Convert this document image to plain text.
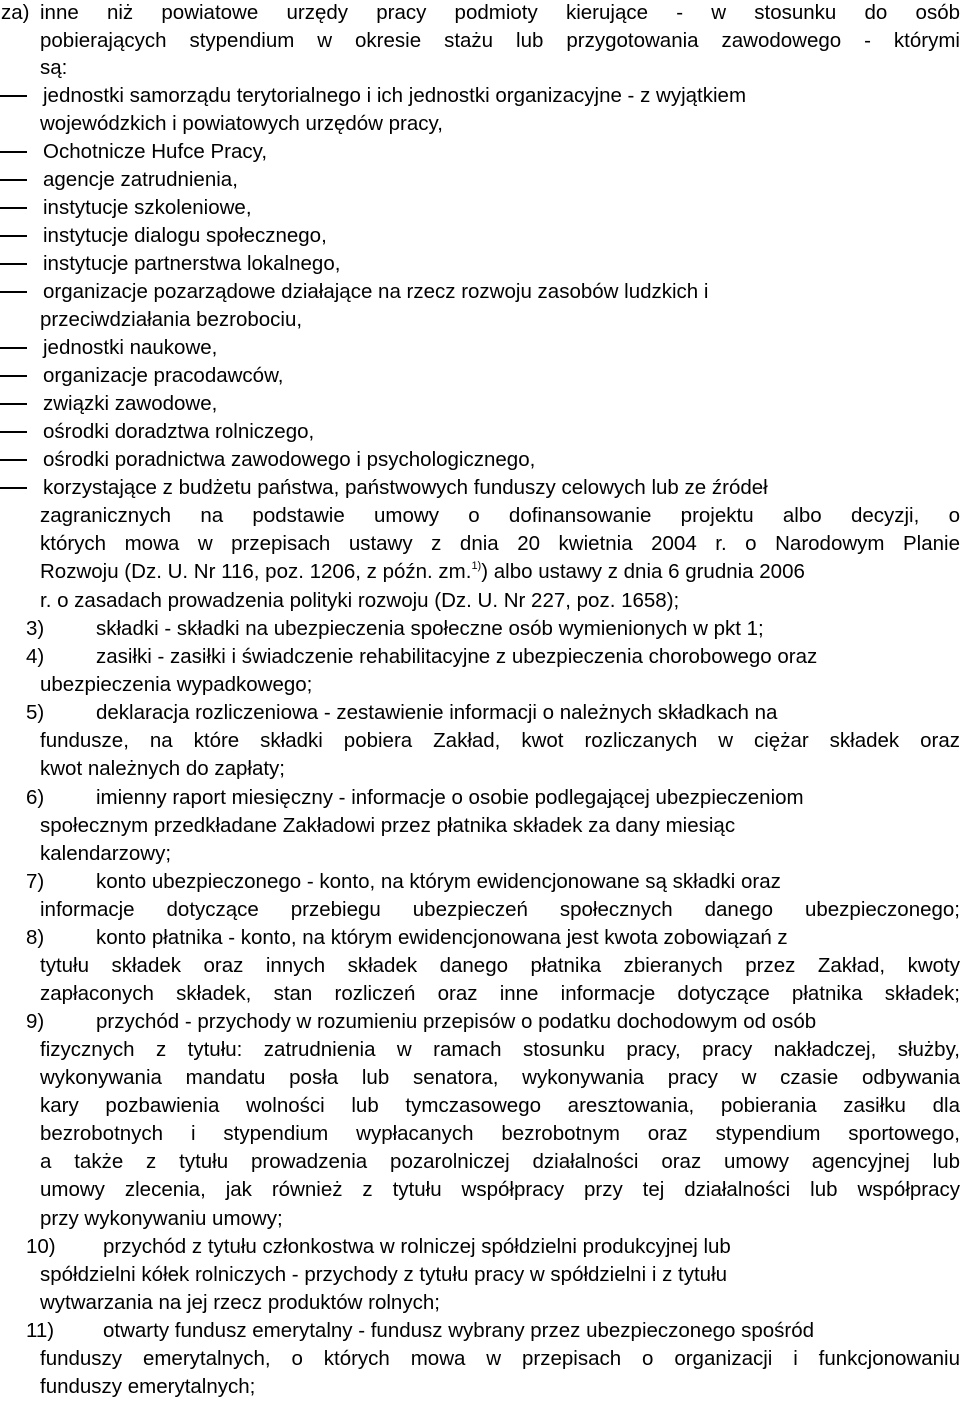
za) inne niż powiatowe urzędy pracy podmioty kierujące - w stosunku do osób
pobierających stypendium w okresie stażu lub przygotowania zawodowego - którymi
są:
jednostki samorządu terytorialnego i ich jednostki organizacyjne - z wyjątkiem
wojewódzkich i powiatowych urzędów pracy,
Ochotnicze Hufce Pracy,
agencje zatrudnienia,
instytucje szkoleniowe,
instytucje dialogu społecznego,
instytucje partnerstwa lokalnego,
organizacje pozarządowe działające na rzecz rozwoju zasobów ludzkich i
przeciwdziałania bezrobociu,
jednostki naukowe,
organizacje pracodawców,
związki zawodowe,
ośrodki doradztwa rolniczego,
ośrodki poradnictwa zawodowego i psychologicznego,
korzystające z budżetu państwa, państwowych funduszy celowych lub ze źródeł
zagranicznych na podstawie umowy o dofinansowanie projektu albo decyzji, o
których mowa w przepisach ustawy z dnia 20 kwietnia 2004 r. o Narodowym Planie
Rozwoju (Dz. U. Nr 116, poz. 1206, z późn. zm.$^{1)}$) albo ustawy z dnia 6 grudnia 2006
r. o zasadach prowadzenia polityki rozwoju (Dz. U. Nr 227, poz. 1658);
3)	składki - składki na ubezpieczenia społeczne osób wymienionych w pkt 1;
4)	zasiłki - zasiłki i świadczenie rehabilitacyjne z ubezpieczenia chorobowego oraz
ubezpieczenia wypadkowego;
5)	deklaracja rozliczeniowa - zestawienie informacji o należnych składkach na
fundusze, na które składki pobiera Zakład, kwot rozliczanych w ciężar składek oraz
kwot należnych do zapłaty;
6)	imienny raport miesięczny - informacje o osobie podlegającej ubezpieczeniom
społecznym przedkładane Zakładowi przez płatnika składek za dany miesiąc
kalendarzowy;
7)	konto ubezpieczonego - konto, na którym ewidencjonowane są składki oraz
informacje dotyczące przebiegu ubezpieczeń społecznych danego ubezpieczonego;
8)	konto płatnika - konto, na którym ewidencjonowana jest kwota zobowiązań z
tytułu składek oraz innych składek danego płatnika zbieranych przez Zakład, kwoty
zapłaconych składek, stan rozliczeń oraz inne informacje dotyczące płatnika składek;
9)	przychód - przychody w rozumieniu przepisów o podatku dochodowym od osób
fizycznych z tytułu: zatrudnienia w ramach stosunku pracy, pracy nakładczej, służby,
wykonywania mandatu posła lub senatora, wykonywania pracy w czasie odbywania
kary pozbawienia wolności lub tymczasowego aresztowania, pobierania zasiłku dla
bezrobotnych i stypendium wypłacanych bezrobotnym oraz stypendium sportowego,
a także z tytułu prowadzenia pozarolniczej działalności oraz umowy agencyjnej lub
umowy zlecenia, jak również z tytułu współpracy przy tej działalności lub współpracy
przy wykonywaniu umowy;
10) przychód z tytułu członkostwa w rolniczej spółdzielni produkcyjnej lub
spółdzielni kółek rolniczych - przychody z tytułu pracy w spółdzielni i z tytułu
wytwarzania na jej rzecz produktów rolnych;
11) otwarty fundusz emerytalny - fundusz wybrany przez ubezpieczonego spośród
funduszy emerytalnych, o których mowa w przepisach o organizacji i funkcjonowaniu
funduszy emerytalnych;
